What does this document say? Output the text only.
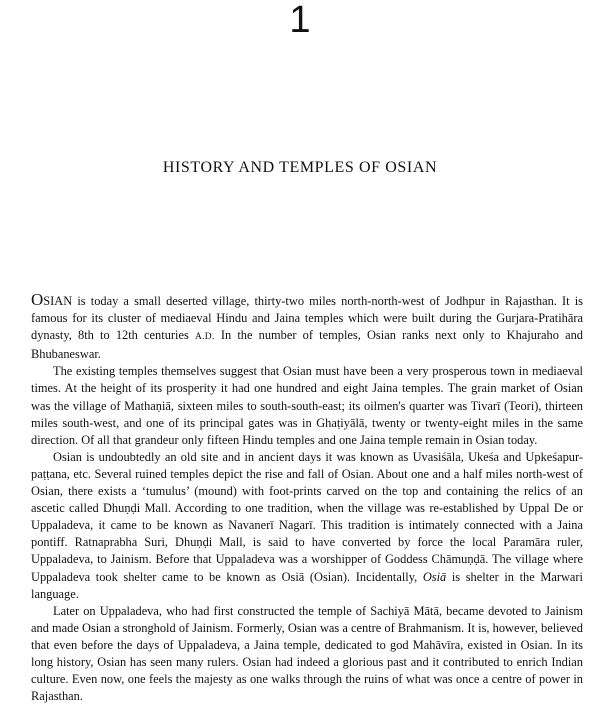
1
HISTORY AND TEMPLES OF OSIAN

OSIAN is today a small deserted village, thirty-two miles north-north-west of Jodhpur in Rajasthan. It is famous for its cluster of mediaeval Hindu and Jaina temples which were built during the Gurjara-Pratihāra dynasty, 8th to 12th centuries A.D. In the number of temples, Osian ranks next only to Khajuraho and Bhubaneswar.

The existing temples themselves suggest that Osian must have been a very prosperous town in mediaeval times. At the height of its prosperity it had one hundred and eight Jaina temples. The grain market of Osian was the village of Mathaṇiā, sixteen miles to south-south-east; its oilmen's quarter was Tivarī (Teori), thirteen miles south-west, and one of its principal gates was in Ghaṭiyālā, twenty or twenty-eight miles in the same direction. Of all that grandeur only fifteen Hindu temples and one Jaina temple remain in Osian today.

Osian is undoubtedly an old site and in ancient days it was known as Uvasiśāla, Ukeśa and Upkeśapur-paṭṭana, etc. Several ruined temples depict the rise and fall of Osian. About one and a half miles north-west of Osian, there exists a ‘tumulus’ (mound) with foot-prints carved on the top and containing the relics of an ascetic called Dhuṇḍi Mall. According to one tradition, when the village was re-established by Uppal De or Uppaladeva, it came to be known as Navanerī Nagarī. This tradition is intimately connected with a Jaina pontiff. Ratnaprabha Suri, Dhuṇḍi Mall, is said to have converted by force the local Paramāra ruler, Uppaladeva, to Jainism. Before that Uppaladeva was a worshipper of Goddess Chāmuṇḍā. The village where Uppaladeva took shelter came to be known as Osiā (Osian). Incidentally, Osiā is shelter in the Marwari language.

Later on Uppaladeva, who had first constructed the temple of Sachiyā Mātā, became devoted to Jainism and made Osian a stronghold of Jainism. Formerly, Osian was a centre of Brahmanism. It is, however, believed that even before the days of Uppaladeva, a Jaina temple, dedicated to god Mahāvīra, existed in Osian. In its long history, Osian has seen many rulers. Osian had indeed a glorious past and it contributed to enrich Indian culture. Even now, one feels the majesty as one walks through the ruins of what was once a centre of power in Rajasthan.
